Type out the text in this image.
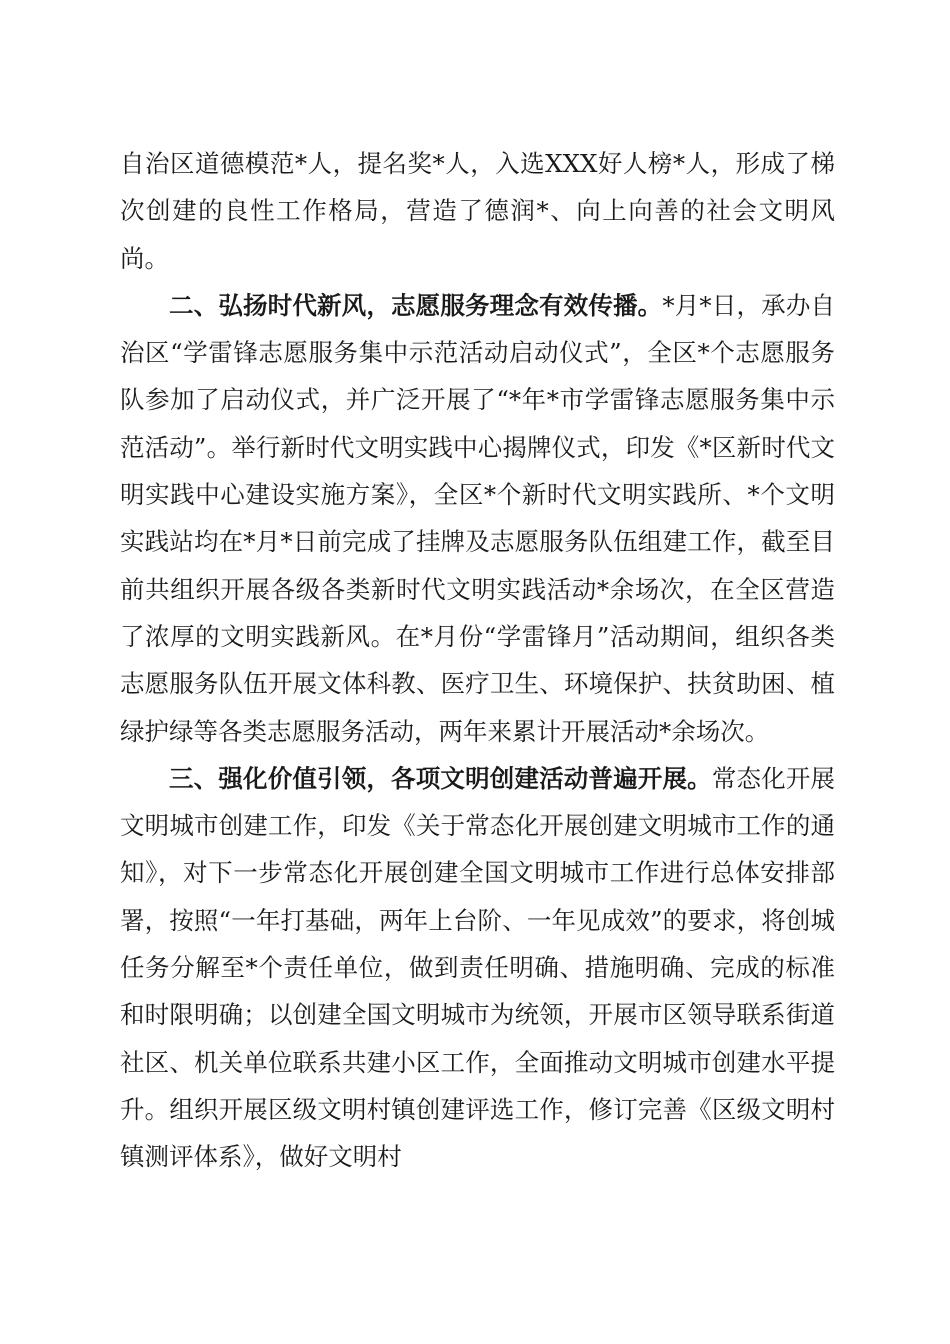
自治区道德模范*人，提名奖*人，入选XXX好人榜*人，形成了梯次创建的良性工作格局，营造了德润*、向上向善的社会文明风尚。

二、弘扬时代新风，志愿服务理念有效传播。*月*日，承办自治区“学雷锋志愿服务集中示范活动启动仪式”，全区*个志愿服务队参加了启动仪式，并广泛开展了“*年*市学雷锋志愿服务集中示范活动”。举行新时代文明实践中心揭牌仪式，印发《*区新时代文明实践中心建设实施方案》，全区*个新时代文明实践所、*个文明实践站均在*月*日前完成了挂牌及志愿服务队伍组建工作，截至目前共组织开展各级各类新时代文明实践活动*余场次，在全区营造了浓厚的文明实践新风。在*月份“学雷锋月”活动期间，组织各类志愿服务队伍开展文体科教、医疗卫生、环境保护、扶贫助困、植绿护绿等各类志愿服务活动，两年来累计开展活动*余场次。

三、强化价值引领，各项文明创建活动普遍开展。常态化开展文明城市创建工作，印发《关于常态化开展创建文明城市工作的通知》，对下一步常态化开展创建全国文明城市工作进行总体安排部署，按照“一年打基础，两年上台阶、一年见成效”的要求，将创城任务分解至*个责任单位，做到责任明确、措施明确、完成的标准和时限明确；以创建全国文明城市为统领，开展市区领导联系街道社区、机关单位联系共建小区工作，全面推动文明城市创建水平提升。组织开展区级文明村镇创建评选工作，修订完善《区级文明村镇测评体系》，做好文明村
